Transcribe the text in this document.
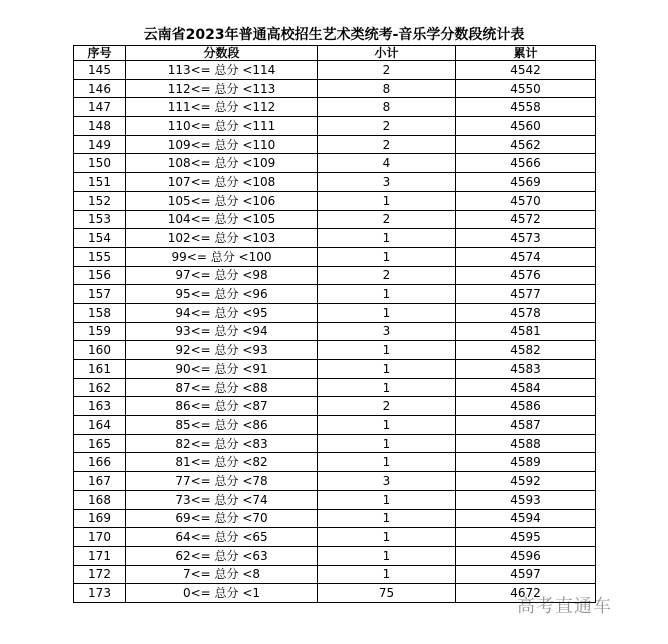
云南省2023年普通高校招生艺术类统考-音乐学分数段统计表
序号	分数段	小计	累计
145	113<= 总分 <114	2	4542
146	112<= 总分 <113	8	4550
147	111<= 总分 <112	8	4558
148	110<= 总分 <111	2	4560
149	109<= 总分 <110	2	4562
150	108<= 总分 <109	4	4566
151	107<= 总分 <108	3	4569
152	105<= 总分 <106	1	4570
153	104<= 总分 <105	2	4572
154	102<= 总分 <103	1	4573
155	99<= 总分 <100	1	4574
156	97<= 总分 <98	2	4576
157	95<= 总分 <96	1	4577
158	94<= 总分 <95	1	4578
159	93<= 总分 <94	3	4581
160	92<= 总分 <93	1	4582
161	90<= 总分 <91	1	4583
162	87<= 总分 <88	1	4584
163	86<= 总分 <87	2	4586
164	85<= 总分 <86	1	4587
165	82<= 总分 <83	1	4588
166	81<= 总分 <82	1	4589
167	77<= 总分 <78	3	4592
168	73<= 总分 <74	1	4593
169	69<= 总分 <70	1	4594
170	64<= 总分 <65	1	4595
171	62<= 总分 <63	1	4596
172	7<= 总分 <8	1	4597
173	0<= 总分 <1	75	4672
高考直通车
